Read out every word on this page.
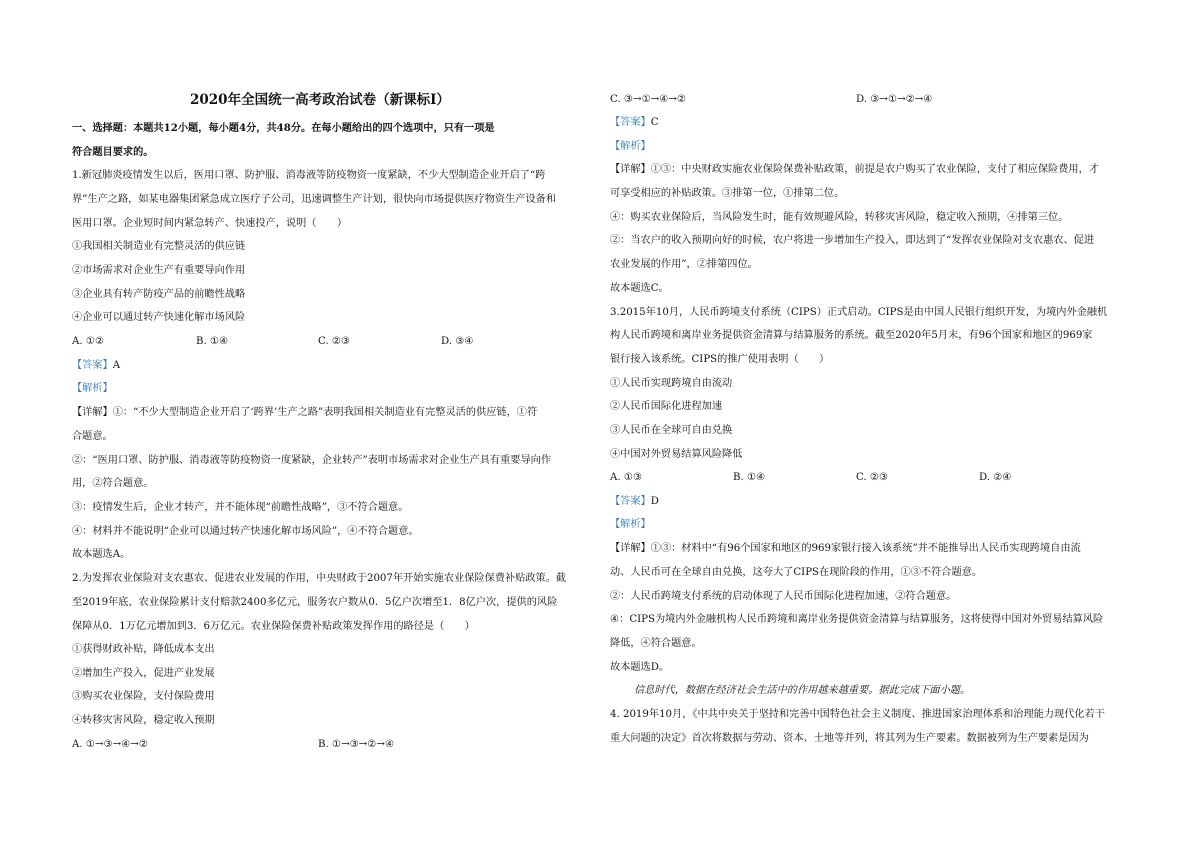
2020年全国统一高考政治试卷（新课标Ⅰ）
一、选择题：本题共12小题，每小题4分，共48分。在每小题给出的四个选项中，只有一项是
符合题目要求的。
1.新冠肺炎疫情发生以后，医用口罩、防护服、消毒液等防疫物资一度紧缺，不少大型制造企业开启了“跨
界”生产之路，如某电器集团紧急成立医疗子公司，迅速调整生产计划，很快向市场提供医疗物资生产设备和
医用口罩。企业短时间内紧急转产、快速投产，说明（　　）
①我国相关制造业有完整灵活的供应链
②市场需求对企业生产有重要导向作用
③企业具有转产防疫产品的前瞻性战略
④企业可以通过转产快速化解市场风险
A. ①②	B. ①④	C. ②③	D. ③④
【答案】A
【解析】
【详解】①：“不少大型制造企业开启了‘跨界’生产之路”表明我国相关制造业有完整灵活的供应链，①符
合题意。
②：“医用口罩、防护服、消毒液等防疫物资一度紧缺，企业转产”表明市场需求对企业生产具有重要导向作
用，②符合题意。
③：疫情发生后，企业才转产，并不能体现“前瞻性战略”，③不符合题意。
④：材料并不能说明“企业可以通过转产快速化解市场风险”，④不符合题意。
故本题选A。
2.为发挥农业保险对支农惠农、促进农业发展的作用，中央财政于2007年开始实施农业保险保费补贴政策。截
至2019年底，农业保险累计支付赔款2400多亿元，服务农户数从0．5亿户次增至1．8亿户次，提供的风险
保障从0．1万亿元增加到3．6万亿元。农业保险保费补贴政策发挥作用的路径是（　　）
①获得财政补贴，降低成本支出
②增加生产投入，促进产业发展
③购买农业保险，支付保险费用
④转移灾害风险，稳定收入预期
A. ①→③→④→②	B. ①→③→②→④
C. ③→①→④→②	D. ③→①→②→④
【答案】C
【解析】
【详解】①③：中央财政实施农业保险保费补贴政策，前提是农户购买了农业保险，支付了相应保险费用，才
可享受相应的补贴政策。③排第一位，①排第二位。
④：购买农业保险后，当风险发生时，能有效规避风险，转移灾害风险，稳定收入预期，④排第三位。
②：当农户的收入预期向好的时候，农户将进一步增加生产投入，即达到了“发挥农业保险对支农惠农、促进
农业发展的作用”，②排第四位。
故本题选C。
3.2015年10月，人民币跨境支付系统（CIPS）正式启动。CIPS是由中国人民银行组织开发，为境内外金融机
构人民币跨境和离岸业务提供资金清算与结算服务的系统。截至2020年5月末，有96个国家和地区的969家
银行接入该系统。CIPS的推广使用表明（　　）
①人民币实现跨境自由流动
②人民币国际化进程加速
③人民币在全球可自由兑换
④中国对外贸易结算风险降低
A. ①③	B. ①④	C. ②③	D. ②④
【答案】D
【解析】
【详解】①③：材料中“有96个国家和地区的969家银行接入该系统”并不能推导出人民币实现跨境自由流
动、人民币可在全球自由兑换，这夸大了CIPS在现阶段的作用，①③不符合题意。
②：人民币跨境支付系统的启动体现了人民币国际化进程加速，②符合题意。
④：CIPS为境内外金融机构人民币跨境和离岸业务提供资金清算与结算服务，这将使得中国对外贸易结算风险
降低，④符合题意。
故本题选D。
信息时代，数据在经济社会生活中的作用越来越重要。据此完成下面小题。
4. 2019年10月，《中共中央关于坚持和完善中国特色社会主义制度、推进国家治理体系和治理能力现代化若干
重大问题的决定》首次将数据与劳动、资本、土地等并列，将其列为生产要素。数据被列为生产要素是因为
